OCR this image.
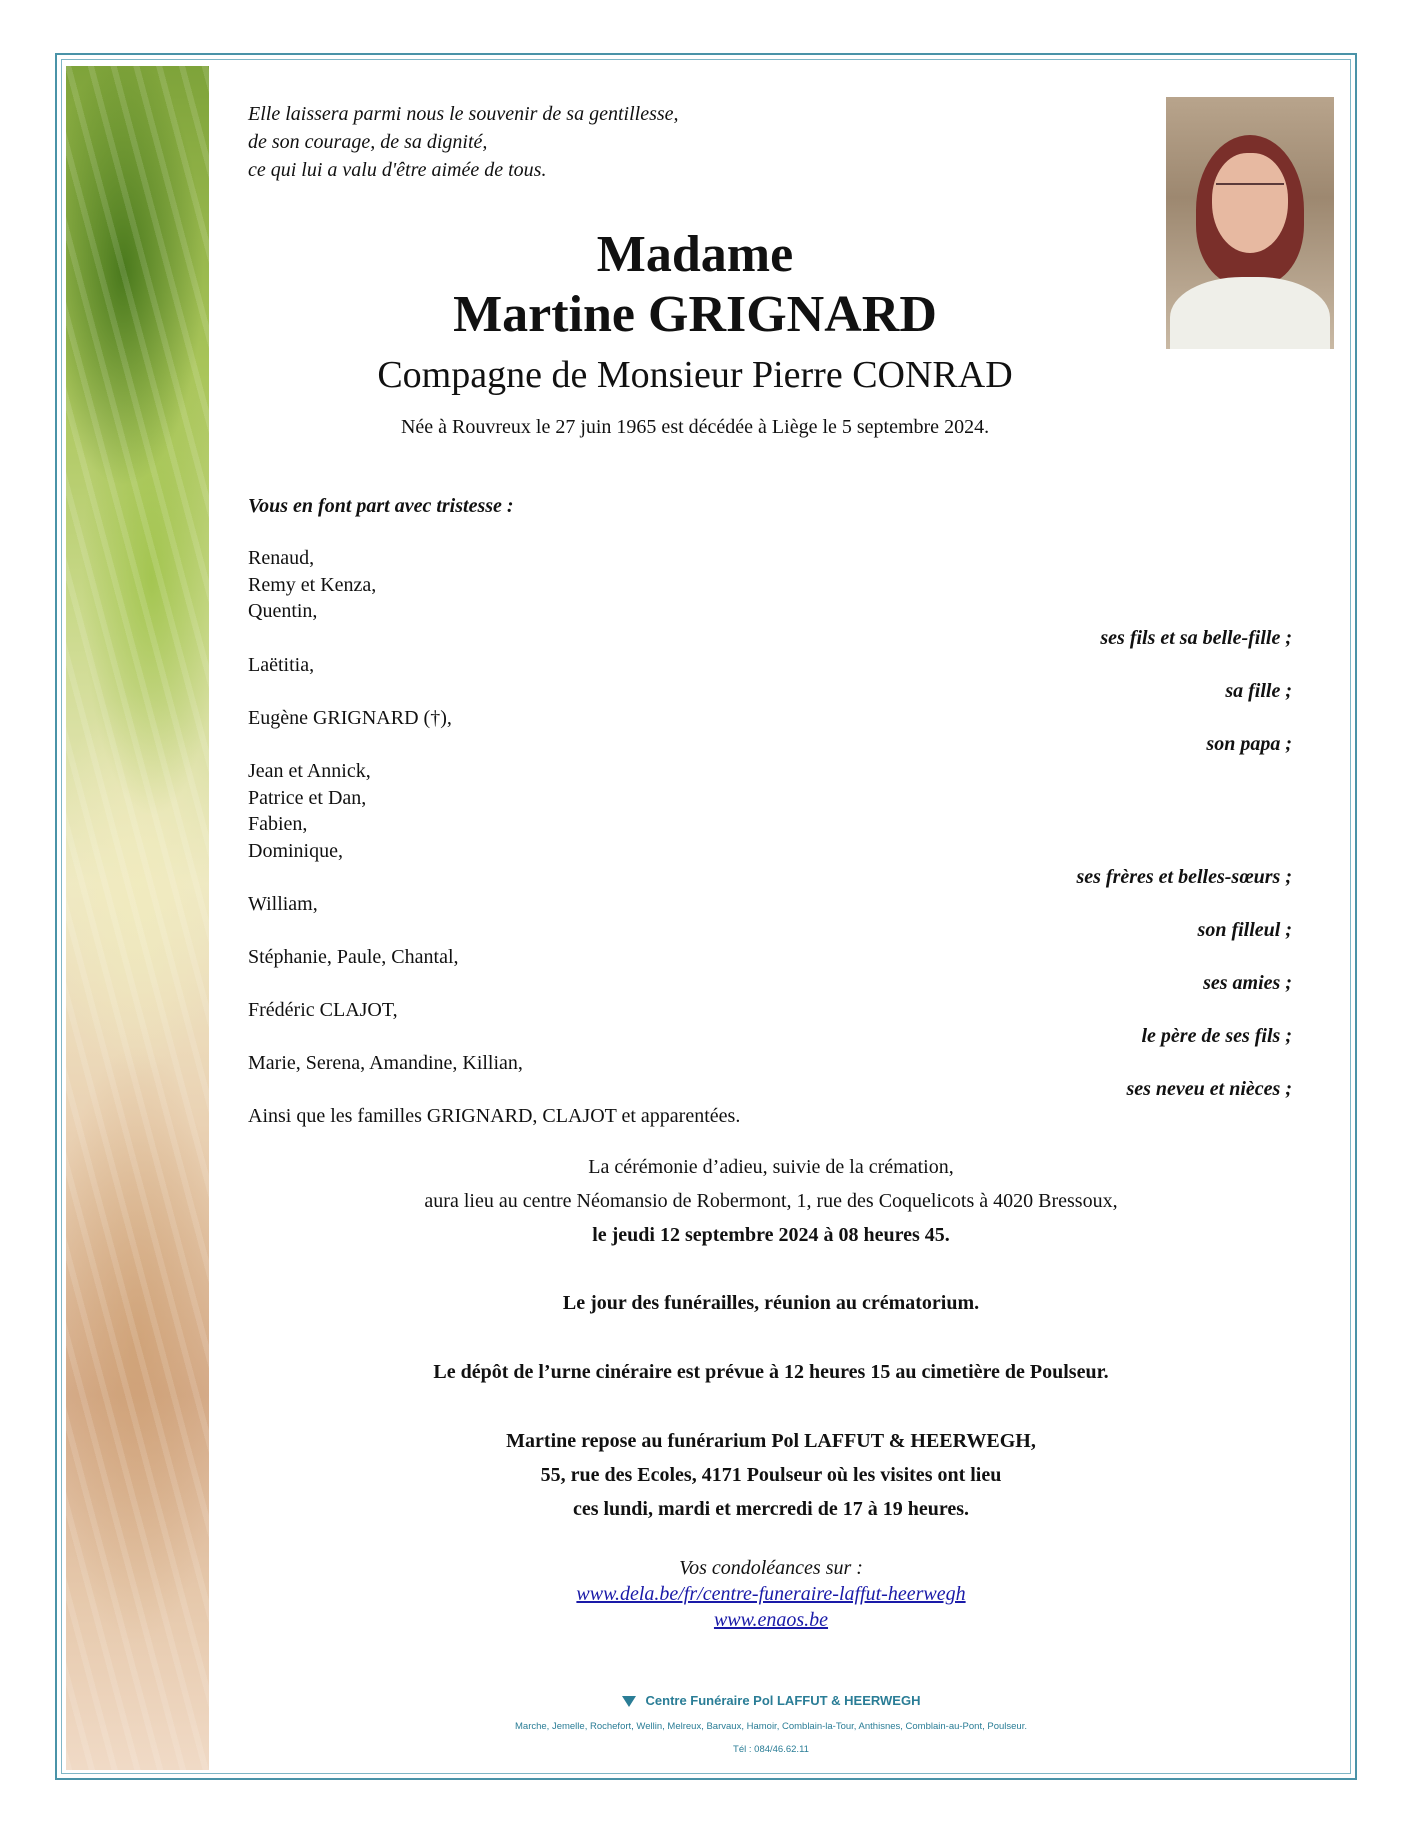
Elle laissera parmi nous le souvenir de sa gentillesse,
de son courage, de sa dignité,
ce qui lui a valu d'être aimée de tous.
Madame
Martine GRIGNARD
Compagne de Monsieur Pierre CONRAD
Née à Rouvreux le 27 juin 1965 est décédée à Liège le 5 septembre 2024.
Vous en font part avec tristesse :
Renaud,
Remy et Kenza,
Quentin,
ses fils et sa belle-fille ;
Laëtitia,
sa fille ;
Eugène GRIGNARD (†),
son papa ;
Jean et Annick,
Patrice et Dan,
Fabien,
Dominique,
ses frères et belles-sœurs ;
William,
son filleul ;
Stéphanie, Paule, Chantal,
ses amies ;
Frédéric CLAJOT,
le père de ses fils ;
Marie, Serena, Amandine, Killian,
ses neveu et nièces ;
Ainsi que les familles GRIGNARD, CLAJOT et apparentées.
La cérémonie d’adieu, suivie de la crémation,
aura lieu au centre Néomansio de Robermont, 1, rue des Coquelicots à 4020 Bressoux,
le jeudi 12 septembre 2024 à 08 heures 45.
Le jour des funérailles, réunion au crématorium.
Le dépôt de l’urne cinéraire est prévue à 12 heures 15 au cimetière de Poulseur.
Martine repose au funérarium Pol LAFFUT & HEERWEGH,
55, rue des Ecoles, 4171 Poulseur où les visites ont lieu
ces lundi, mardi et mercredi de 17 à 19 heures.
Vos condoléances sur :
www.dela.be/fr/centre-funeraire-laffut-heerwegh
www.enaos.be
Centre Funéraire Pol LAFFUT & HEERWEGH
Marche, Jemelle, Rochefort, Wellin, Melreux, Barvaux, Hamoir, Comblain-la-Tour, Anthisnes, Comblain-au-Pont, Poulseur.
Tél : 084/46.62.11
